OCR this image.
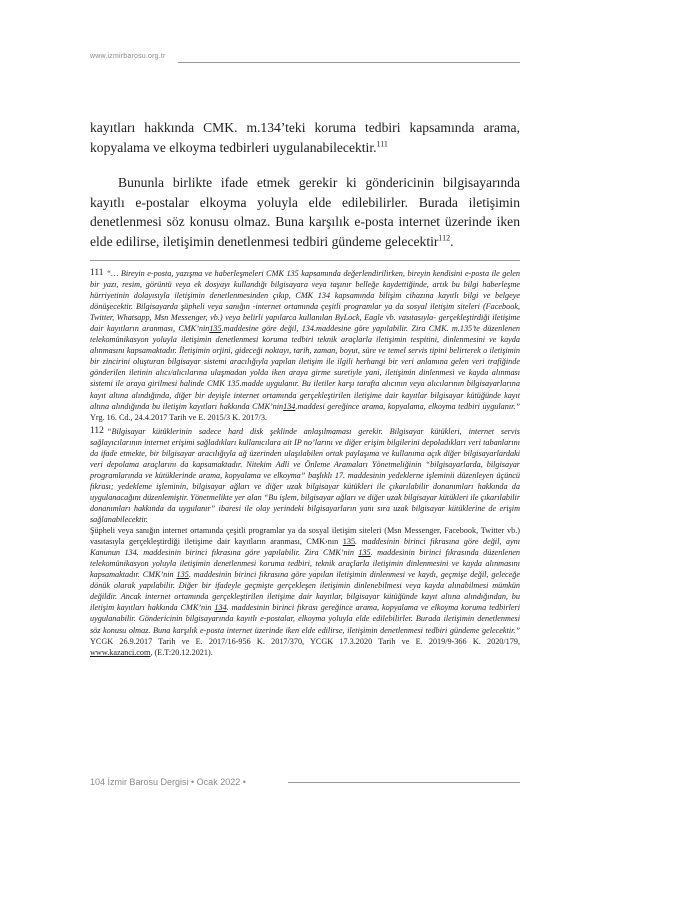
www.izmirbarosu.org.tr

kayıtları hakkında CMK. m.134’teki koruma tedbiri kapsamında arama, kopyalama ve elkoyma tedbirleri uygulanabilecektir.$^{111}$

Bununla birlikte ifade etmek gerekir ki göndericinin bilgisayarında kayıtlı e-postalar elkoyma yoluyla elde edilebilirler. Burada iletişimin denetlenmesi söz konusu olmaz. Buna karşılık e-posta internet üzerinde iken elde edilirse, iletişimin denetlenmesi tedbiri gündeme gelecektir$^{112}$.

111 “… Bireyin e-posta, yazışma ve haberleşmeleri CMK 135 kapsamında değerlendirilirken, bireyin kendisini e-posta ile gelen bir yazı, resim, görüntü veya ek dosyayı kullandığı bilgisayara veya taşınır belleğe kaydettiğinde, artık bu bilgi haberleşme hürriyetinin dolayısıyla iletişimin denetlenmesinden çıkıp, CMK 134 kapsamında bilişim cihazına kayıtlı bilgi ve belgeye dönüşecektir. Bilgisayarda şüpheli veya sanığın -internet ortamında çeşitli programlar ya da sosyal iletişim siteleri (Facebook, Twitter, Whatsapp, Msn Messenger, vb.) veya belirli yapılarca kullanılan ByLock, Eagle vb. vasıtasıyla- gerçekleştirdiği iletişime dair kayıtların aranması, CMK’nin135.maddesine göre değil, 134.maddesine göre yapılabilir. Zira CMK. m.135’te düzenlenen telekomünikasyon yoluyla iletişimin denetlenmesi koruma tedbiri teknik araçlarla iletişimin tespitini, dinlenmesini ve kayda alınmasını kapsamaktadır. İletişimin orjini, gideceği noktayı, tarih, zaman, boyut, süre ve temel servis tipini belirterek o iletişimin bir zincirini oluşturan bilgisayar sistemi aracılığıyla yapılan iletişim ile ilgili herhangi bir veri anlamına gelen veri trafiğinde gönderilen iletinin alıcı/alıcılarına ulaşmadan yolda iken araya girme suretiyle yani, iletişimin dinlenmesi ve kayda alınması sistemi ile araya girilmesi halinde CMK 135.madde uygulanır. Bu iletiler karşı tarafta alıcının veya alıcılarının bilgisayarlarına kayıt altına alındığında, diğer bir deyişle internet ortamında gerçekleştirilen iletişime dair kayıtlar bilgisayar kütüğünde kayıt altına alındığında bu iletişim kayıtları hakkında CMK’nin134.maddesi gereğince arama, kopyalama, elkoyma tedbiri uygulanır.” Yrg. 16. Cd., 24.4.2017 Tarih ve E. 2015/3 K. 2017/3.

112 “Bilgisayar kütüklerinin sadece hard disk şeklinde anlaşılmaması gerekir. Bilgisayar kütükleri, internet servis sağlayıcılarının internet erişimi sağladıkları kullanıcılara ait IP no’larını ve diğer erişim bilgilerini depoladıkları veri tabanlarını da ifade etmekte, bir bilgisayar aracılığıyla ağ üzerinden ulaşılabilen ortak paylaşıma ve kullanıma açık diğer bilgisayarlardaki veri depolama araçlarını da kapsamaktadır. Nitekim Adli ve Önleme Aramaları Yönetmeliğinin “bilgisayarlarda, bilgisayar programlarında ve kütüklerinde arama, kopyalama ve elkoyma” başlıklı 17. maddesinin yedeklerne işleminii düzenleyen üçüncü fıkrası; yedekleme işleminin, bilgisayar ağları ve diğer uzak bilgisayar kütükleri ile çıkarılabilir donanımları hakkında da uygulanacağını düzenlemiştir. Yönetmelikte yer alan “Bu işlem, bilgisayar ağları ve diğer uzak bilgisayar kütükleri ile çıkarılabilir donanımları hakkında da uygulanır” ibaresi ile olay yerindeki bilgisayarların yanı sıra uzak bilgisayar kütüklerine de erişim sağlanabilecektir.

Şüpheli veya sanığın internet ortamında çeşitli programlar ya da sosyal iletişim siteleri (Msn Messenger, Facebook, Twitter vb.) vasıtasıyla gerçekleştirdiği iletişime dair kayıtların aranması, CMK›nın 135. maddesinin birinci fıkrasına göre değil, aynı Kanunun 134. maddesinin birinci fıkrasına göre yapılabilir. Zira CMK’nin 135. maddesinin birinci fıkrasında düzenlenen telekomünikasyon yoluyla iletişimin denetlenmesi koruma tedbiri, teknik araçlarla iletişimin dinlenmesini ve kayda alınmasını kapsamaktadır. CMK’nin 135. maddesinin birinci fıkrasına göre yapılan iletişimin dinlenmesi ve kaydı, geçmişe değil, geleceğe dönük olarak yapılabilir. Diğer bir ifadeyle geçmişte gerçekleşen iletişimin dinlenebilmesi veya kayda alınabilmesi mümkün değildir. Ancak internet ortamında gerçekleştirilen iletişime dair kayıtlar, bilgisayar kütüğünde kayıt altına alındığından, bu iletişim kayıtları hakkında CMK’nin 134. maddesinin birinci fıkrası gereğince arama, kopyalama ve elkoyma koruma tedbirleri uygulanabilir. Göndericinin bilgisayarında kayıtlı e-postalar, elkoyma yoluyla elde edilebilirler. Burada iletişimin denetlenmesi söz konusu olmaz. Buna karşılık e-posta internet üzerinde iken elde edilirse, iletişimin denetlenmesi tedbiri gündeme gelecektir.” YCGK 26.9.2017 Tarih ve E. 2017/16-956 K. 2017/370, YCGK 17.3.2020 Tarih ve E. 2019/9-366 K. 2020/179, www.kazanci.com, (E.T:20.12.2021).

104 İzmir Barosu Dergisi • Ocak 2022 •
